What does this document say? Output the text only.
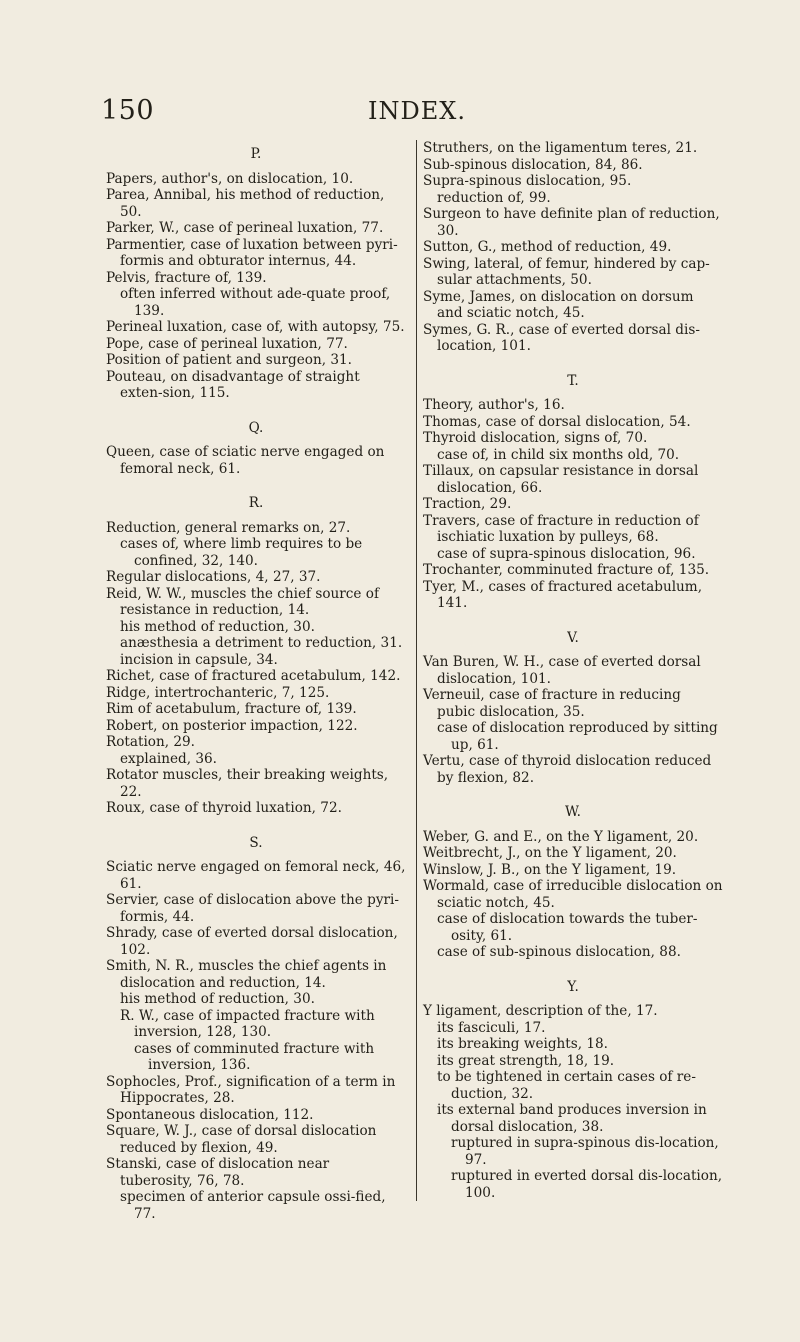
150	INDEX.
P.

Papers, author's, on dislocation, 10.

Parea, Annibal, his method of reduction, 50.

Parker, W., case of perineal luxation, 77.

Parmentier, case of luxation between pyri-formis and obturator internus, 44.

Pelvis, fracture of, 139.

often inferred without ade-quate proof, 139.

Perineal luxation, case of, with autopsy, 75.

Pope, case of perineal luxation, 77.

Position of patient and surgeon, 31.

Pouteau, on disadvantage of straight exten-sion, 115.

Q.

Queen, case of sciatic nerve engaged on femoral neck, 61.

R.

Reduction, general remarks on, 27.

cases of, where limb requires to be confined, 32, 140.

Regular dislocations, 4, 27, 37.

Reid, W. W., muscles the chief source of resistance in reduction, 14.

his method of reduction, 30.

anæsthesia a detriment to reduction, 31.

incision in capsule, 34.

Richet, case of fractured acetabulum, 142.

Ridge, intertrochanteric, 7, 125.

Rim of acetabulum, fracture of, 139.

Robert, on posterior impaction, 122.

Rotation, 29.

explained, 36.

Rotator muscles, their breaking weights, 22.

Roux, case of thyroid luxation, 72.

S.

Sciatic nerve engaged on femoral neck, 46, 61.

Servier, case of dislocation above the pyri-formis, 44.

Shrady, case of everted dorsal dislocation, 102.

Smith, N. R., muscles the chief agents in dislocation and reduction, 14.

his method of reduction, 30.

R. W., case of impacted fracture with inversion, 128, 130.

cases of comminuted fracture with inversion, 136.

Sophocles, Prof., signification of a term in Hippocrates, 28.

Spontaneous dislocation, 112.

Square, W. J., case of dorsal dislocation reduced by flexion, 49.

Stanski, case of dislocation near tuberosity, 76, 78.

specimen of anterior capsule ossi-fied, 77.

Struthers, on the ligamentum teres, 21.

Sub-spinous dislocation, 84, 86.

Supra-spinous dislocation, 95.

reduction of, 99.

Surgeon to have definite plan of reduction, 30.

Sutton, G., method of reduction, 49.

Swing, lateral, of femur, hindered by cap-sular attachments, 50.

Syme, James, on dislocation on dorsum and sciatic notch, 45.

Symes, G. R., case of everted dorsal dis-location, 101.

T.

Theory, author's, 16.

Thomas, case of dorsal dislocation, 54.

Thyroid dislocation, signs of, 70.

case of, in child six months old, 70.

Tillaux, on capsular resistance in dorsal dislocation, 66.

Traction, 29.

Travers, case of fracture in reduction of ischiatic luxation by pulleys, 68.

case of supra-spinous dislocation, 96.

Trochanter, comminuted fracture of, 135.

Tyer, M., cases of fractured acetabulum, 141.

V.

Van Buren, W. H., case of everted dorsal dislocation, 101.

Verneuil, case of fracture in reducing pubic dislocation, 35.

case of dislocation reproduced by sitting up, 61.

Vertu, case of thyroid dislocation reduced by flexion, 82.

W.

Weber, G. and E., on the Y ligament, 20.

Weitbrecht, J., on the Y ligament, 20.

Winslow, J. B., on the Y ligament, 19.

Wormald, case of irreducible dislocation on sciatic notch, 45.

case of dislocation towards the tuber-osity, 61.

case of sub-spinous dislocation, 88.

Y.

Y ligament, description of the, 17.

its fasciculi, 17.

its breaking weights, 18.

its great strength, 18, 19.

to be tightened in certain cases of re-duction, 32.

its external band produces inversion in dorsal dislocation, 38.

ruptured in supra-spinous dis-location, 97.

ruptured in everted dorsal dis-location, 100.
